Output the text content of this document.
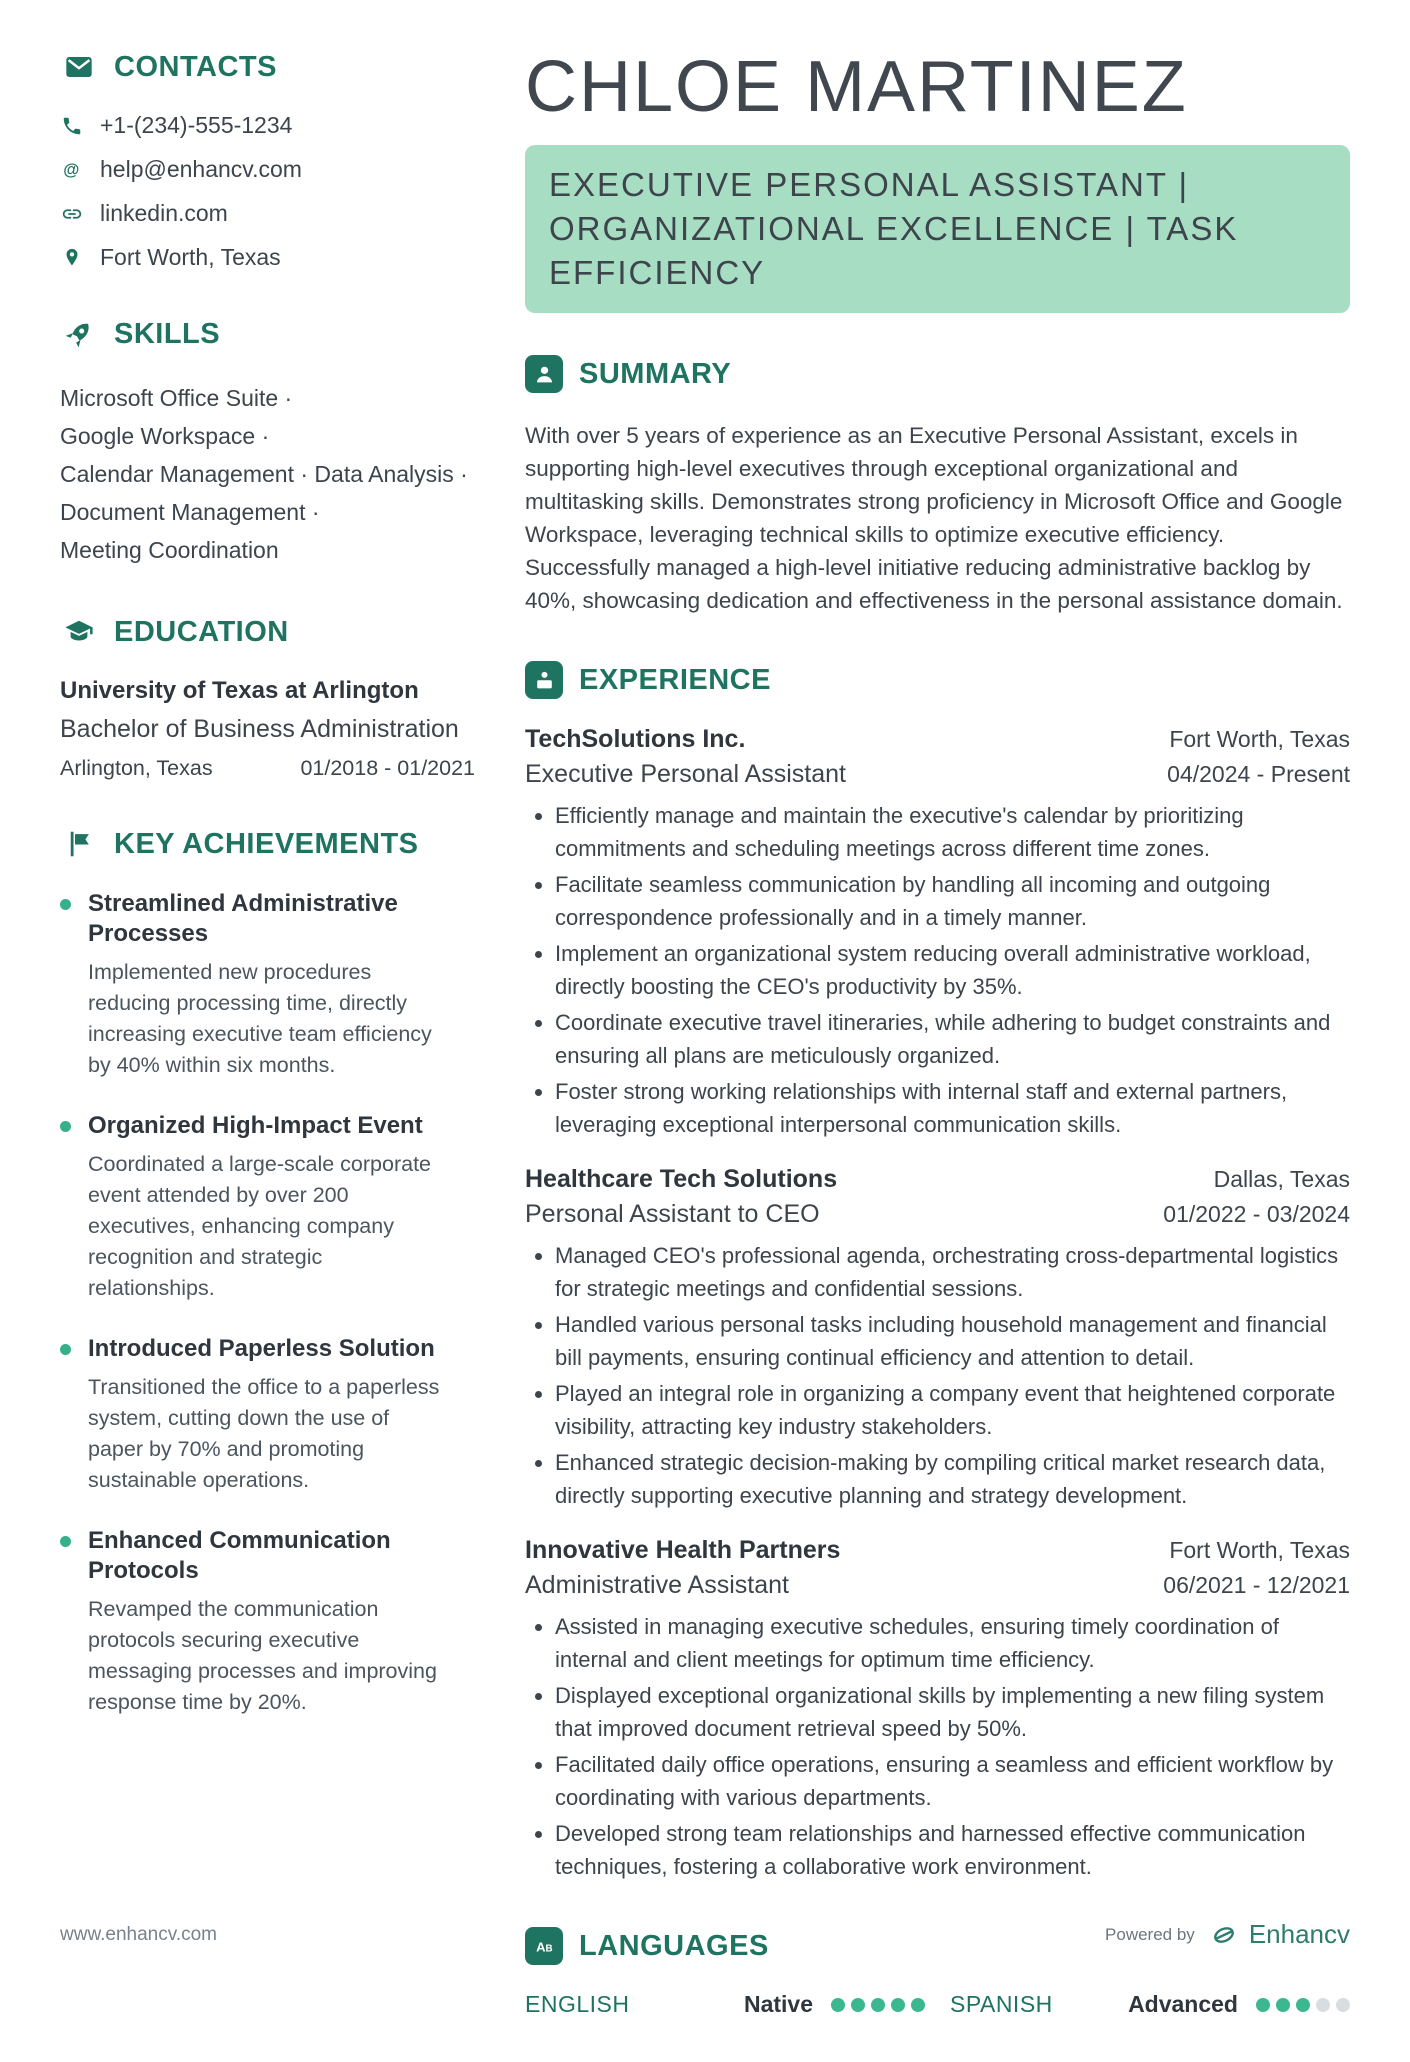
CONTACTS
+1-(234)-555-1234
@ help@enhancv.com
linkedin.com
Fort Worth, Texas
SKILLS
Microsoft Office Suite ·
Google Workspace ·
Calendar Management · Data Analysis ·
Document Management ·
Meeting Coordination
EDUCATION
University of Texas at Arlington
Bachelor of Business Administration
Arlington, Texas	01/2018 - 01/2021
KEY ACHIEVEMENTS
Streamlined Administrative Processes
Implemented new procedures reducing processing time, directly increasing executive team efficiency by 40% within six months.
Organized High-Impact Event
Coordinated a large-scale corporate event attended by over 200 executives, enhancing company recognition and strategic relationships.
Introduced Paperless Solution
Transitioned the office to a paperless system, cutting down the use of paper by 70% and promoting sustainable operations.
Enhanced Communication Protocols
Revamped the communication protocols securing executive messaging processes and improving response time by 20%.
CHLOE MARTINEZ
EXECUTIVE PERSONAL ASSISTANT | ORGANIZATIONAL EXCELLENCE | TASK EFFICIENCY
SUMMARY

With over 5 years of experience as an Executive Personal Assistant, excels in supporting high-level executives through exceptional organizational and multitasking skills. Demonstrates strong proficiency in Microsoft Office and Google Workspace, leveraging technical skills to optimize executive efficiency. Successfully managed a high-level initiative reducing administrative backlog by 40%, showcasing dedication and effectiveness in the personal assistance domain.

EXPERIENCE
TechSolutions Inc.	Fort Worth, Texas
Executive Personal Assistant	04/2024 - Present
• Efficiently manage and maintain the executive's calendar by prioritizing commitments and scheduling meetings across different time zones.
• Facilitate seamless communication by handling all incoming and outgoing correspondence professionally and in a timely manner.
• Implement an organizational system reducing overall administrative workload, directly boosting the CEO's productivity by 35%.
• Coordinate executive travel itineraries, while adhering to budget constraints and ensuring all plans are meticulously organized.
• Foster strong working relationships with internal staff and external partners, leveraging exceptional interpersonal communication skills.
Healthcare Tech Solutions	Dallas, Texas
Personal Assistant to CEO	01/2022 - 03/2024
• Managed CEO's professional agenda, orchestrating cross-departmental logistics for strategic meetings and confidential sessions.
• Handled various personal tasks including household management and financial bill payments, ensuring continual efficiency and attention to detail.
• Played an integral role in organizing a company event that heightened corporate visibility, attracting key industry stakeholders.
• Enhanced strategic decision-making by compiling critical market research data, directly supporting executive planning and strategy development.
Innovative Health Partners	Fort Worth, Texas
Administrative Assistant	06/2021 - 12/2021
• Assisted in managing executive schedules, ensuring timely coordination of internal and client meetings for optimum time efficiency.
• Displayed exceptional organizational skills by implementing a new filing system that improved document retrieval speed by 50%.
• Facilitated daily office operations, ensuring a seamless and efficient workflow by coordinating with various departments.
• Developed strong team relationships and harnessed effective communication techniques, fostering a collaborative work environment.
A B LANGUAGES
ENGLISH	Native	SPANISH	Advanced
www.enhancv.com	Powered by Enhancv
